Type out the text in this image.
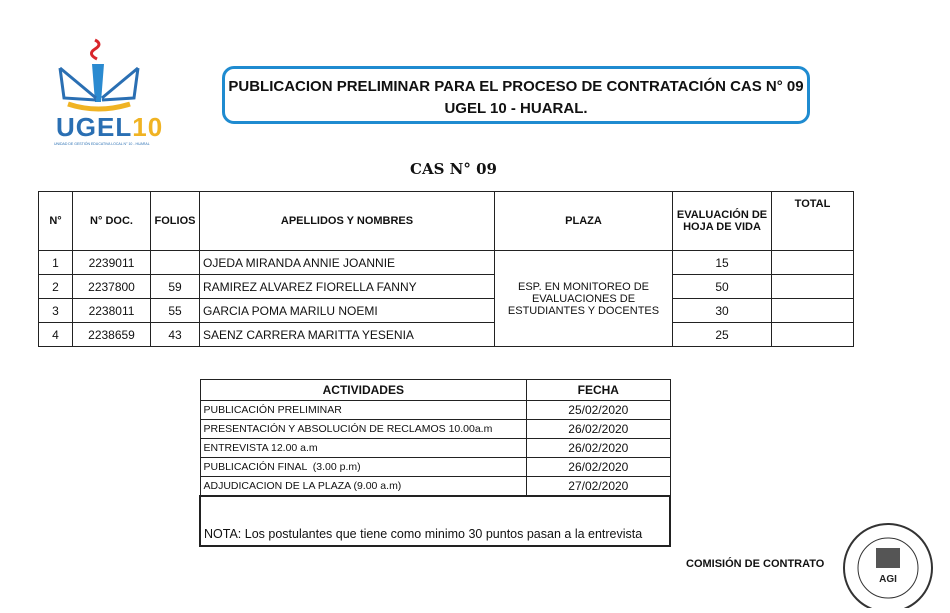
UGEL10
UNIDAD DE GESTIÓN EDUCATIVA LOCAL N° 10 - HUARAL
PUBLICACION PRELIMINAR PARA EL PROCESO DE CONTRATACIÓN CAS N° 09
UGEL 10 - HUARAL.
CAS N° 09
N°	N° DOC.	FOLIOS	APELLIDOS Y NOMBRES	PLAZA	EVALUACIÓN DE HOJA DE VIDA	TOTAL
1	2239011		OJEDA MIRANDA ANNIE JOANNIE	ESP. EN MONITOREO DE EVALUACIONES DE ESTUDIANTES Y DOCENTES	15	
2	2237800	59	RAMIREZ ALVAREZ FIORELLA FANNY		50	
3	2238011	55	GARCIA POMA MARILU NOEMI		30	
4	2238659	43	SAENZ CARRERA MARITTA YESENIA		25	
ACTIVIDADES	FECHA
PUBLICACIÓN PRELIMINAR	25/02/2020
PRESENTACIÓN Y ABSOLUCIÓN DE RECLAMOS 10.00a.m	26/02/2020
ENTREVISTA 12.00 a.m	26/02/2020
PUBLICACIÓN FINAL  (3.00 p.m)	26/02/2020
ADJUDICACION DE LA PLAZA (9.00 a.m)	27/02/2020
NOTA: Los postulantes que tiene como minimo 30 puntos pasan a la entrevista	
COMISIÓN DE CONTRATO
AGI
